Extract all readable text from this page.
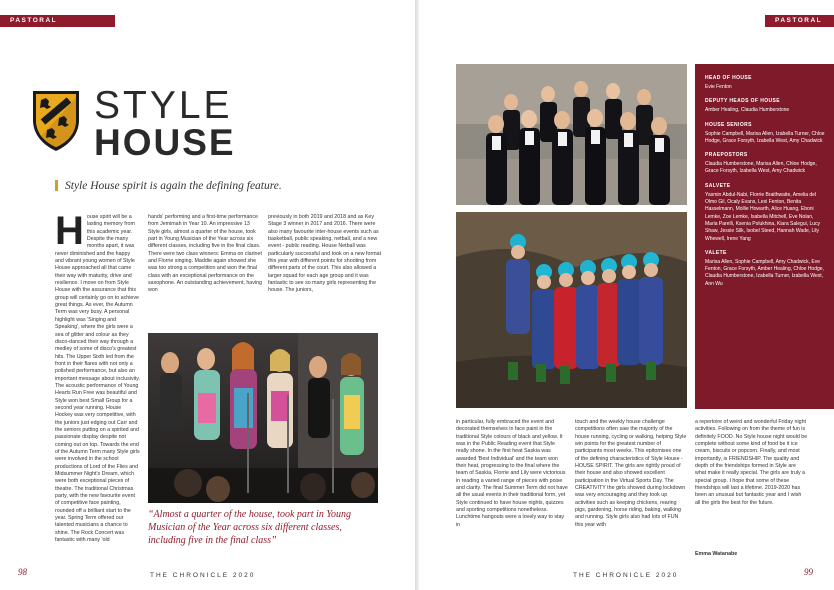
PASTORAL	PASTORAL
STYLE
HOUSE
Style House spirit is again the defining feature.
House spirit will be a lasting memory from this academic year. Despite the many months apart, it was never diminished and the happy and vibrant young women of Style House approached all that came their way with maturity, drive and resilience. I move on from Style House with the assurance that this group will certainly go on to achieve great things. As ever, the Autumn Term was very busy. A personal highlight was 'Singing and Speaking', where the girls were a sea of glitter and colour as they disco-danced their way through a medley of some of disco's greatest hits. The Upper Sixth led from the front in their flares with not only a polished performance, but also an important message about inclusivity. The acoustic performance of Young Hearts Run Free was beautiful and Style won best Small Group for a second year running. House Hockey was very competitive, with the juniors just edging out Carr and the seniors putting on a spirited and passionate display despite not coming out on top. Towards the end of the Autumn Term many Style girls were involved in the school productions of Lord of the Flies and Midsummer Night's Dream, which were both exceptional pieces of theatre. The traditional Christmas party, with the new favourite event of competitive face painting, rounded off a brilliant start to the year. Spring Term offered our talented musicians a chance to shine. The Rock Concert was fantastic with many 'old
hands' performing and a first-time performance from Jemimah in Year 10. An impressive 13 Style girls, almost a quarter of the house, took part in Young Musician of the Year across six different classes, including five in the final class. There were two class winners: Emma on clarinet and Florrie singing. Maddie again showed she was too strong a competition and won the final class with an exceptional performance on the saxophone. An outstanding achievement, having won
previously in both 2019 and 2018 and as Key Stage 3 winner in 2017 and 2016. There were also many favourite inter-house events such as basketball, public speaking, netball, and a new event - public reading. House Netball was particularly successful and took on a new format this year with different points for shooting from different parts of the court. This also allowed a larger squad for each age group and it was fantastic to see so many girls representing the house. The juniors,
“Almost a quarter of the house, took part in Young Musician of the Year across six different classes, including five in the final class”
in particular, fully embraced the event and decorated themselves in face paint in the traditional Style colours of black and yellow. It was in the Public Reading event that Style really shone. In the first heat Saskia was awarded 'Best Individual' and the team won their heat, progressing to the final where the team of Saskia, Florrie and Lily were victorious in reading a varied range of pieces with poise and clarity. The final Summer Term did not have all the usual events in their traditional form, yet Style continued to have house nights, quizzes and sporting competitions nonetheless. Lunchtime hangouts were a lovely way to stay in
touch and the weekly house challenge competitions often saw the majority of the house running, cycling or walking, helping Style win points for the greatest number of participants most weeks. This epitomises one of the defining characteristics of Style House - HOUSE SPIRIT. The girls are rightly proud of their house and also showed excellent participation in the Virtual Sports Day. The CREATIVITY the girls showed during lockdown was very encouraging and they took up activities such as keeping chickens, rearing pigs, gardening, horse riding, baking, walking and running. Style girls also had lots of FUN this year with
a repertoire of weird and wonderful Friday night activities. Following on from the theme of fun is definitely FOOD. No Style house night would be complete without some kind of food be it ice cream, biscuits or popcorn. Finally, and most importantly, is FRIENDSHIP. The quality and depth of the friendships formed in Style are what make it really special. The girls are truly a special group. I hope that some of these friendships will last a lifetime. 2019-2020 has been an unusual but fantastic year and I wish all the girls the best for the future.
Emma Watanabe
HEAD OF HOUSE
Evie Fenton
DEPUTY HEADS OF HOUSE
Amber Healing, Claudia Humberstone
HOUSE SENIORS
Sophie Campbell, Marisa Allen, Izabella Turner, Chloe Hodge, Grace Forsyth, Izabella West, Amy Chadwick
PRAEPOSTORS
Claudia Humberstone, Marisa Allen, Chloe Hodge, Grace Forsyth, Izabella West, Amy Chadwick
SALVETE
Yasmin Abdul-Nabi, Florrie Braithwaite, Amelia del Olmo Gil, Ocaly Evans, Lexi Fenton, Benita Hasselmann, Mollie Howarth, Alice Huang, Eboni Lemke, Zoe Lemke, Isabella Mitchell, Eve Nolan, Maria Parelli, Ksenia Polukhina, Kiara Salegui, Lucy Shaw, Jessie Silk, Isobel Steed, Hannah Wade, Lily Whewell, Irene Yang
VALETE
Marisa Allen, Sophie Campbell, Amy Chadwick, Eve Fenton, Grace Forsyth, Amber Healing, Chloe Hodge, Claudia Humberstone, Izabella Turner, Izabella West, Ann Wu
98	THE CHRONICLE 2020	THE CHRONICLE 2020	99
